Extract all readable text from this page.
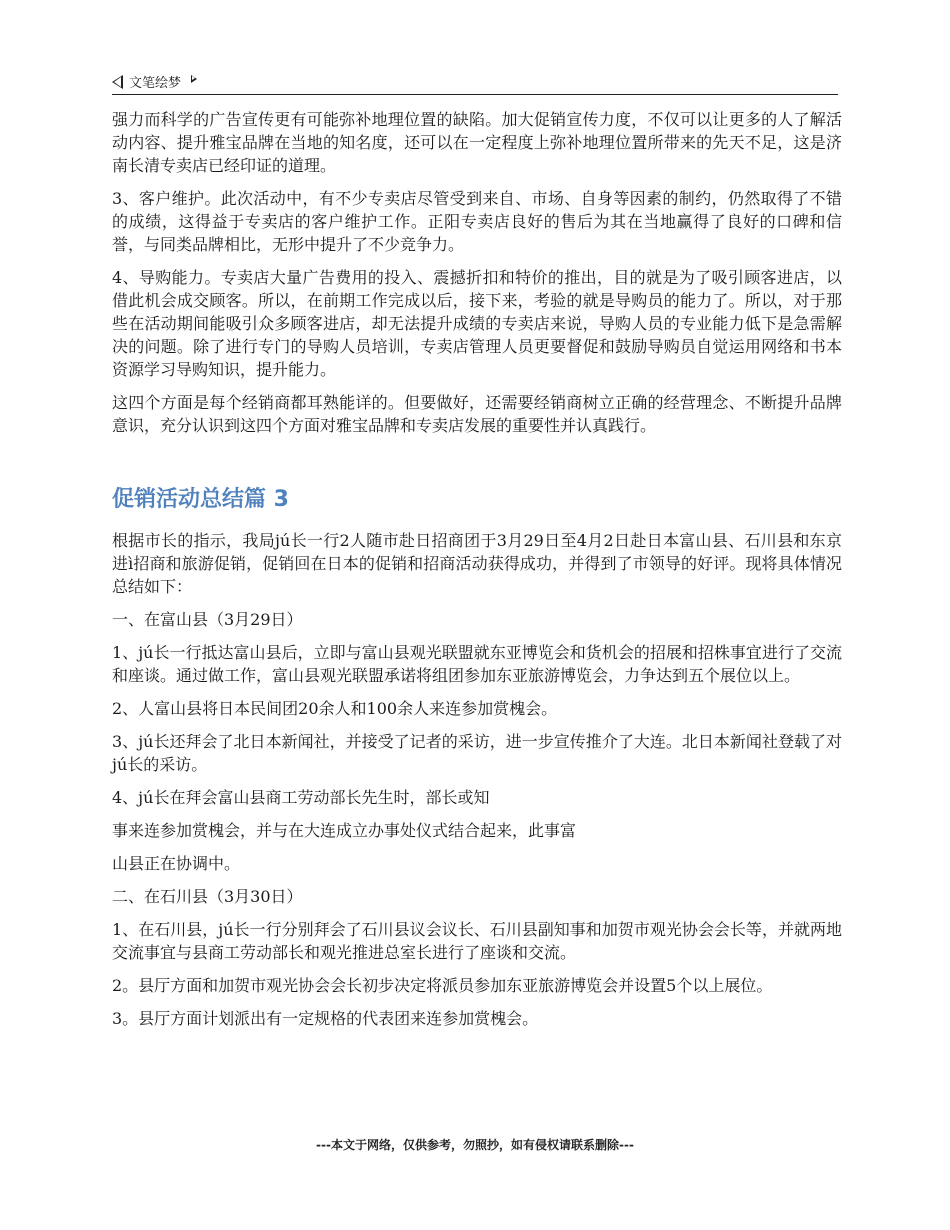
文笔绘梦

强力而科学的广告宣传更有可能弥补地理位置的缺陷。加大促销宣传力度，不仅可以让更多的人了解活动内容、提升雅宝品牌在当地的知名度，还可以在一定程度上弥补地理位置所带来的先天不足，这是济南长清专卖店已经印证的道理。

3、客户维护。此次活动中，有不少专卖店尽管受到来自、市场、自身等因素的制约，仍然取得了不错的成绩，这得益于专卖店的客户维护工作。正阳专卖店良好的售后为其在当地赢得了良好的口碑和信誉，与同类品牌相比，无形中提升了不少竞争力。

4、导购能力。专卖店大量广告费用的投入、震撼折扣和特价的推出，目的就是为了吸引顾客进店，以借此机会成交顾客。所以，在前期工作完成以后，接下来，考验的就是导购员的能力了。所以，对于那些在活动期间能吸引众多顾客进店，却无法提升成绩的专卖店来说，导购人员的专业能力低下是急需解决的问题。除了进行专门的导购人员培训，专卖店管理人员更要督促和鼓励导购员自觉运用网络和书本资源学习导购知识，提升能力。

这四个方面是每个经销商都耳熟能详的。但要做好，还需要经销商树立正确的经营理念、不断提升品牌意识，充分认识到这四个方面对雅宝品牌和专卖店发展的重要性并认真践行。

促销活动总结篇 3

根据市长的指示，我局jú长一行2人随市赴日招商团于3月29日至4月2日赴日本富山县、石川县和东京进ì招商和旅游促销，促销回在日本的促销和招商活动获得成功，并得到了市领导的好评。现将具体情况总结如下：

一、在富山县（3月29日）

1、jú长一行抵达富山县后，立即与富山县观光联盟就东亚博览会和货机会的招展和招株事宜进行了交流和座谈。通过做工作，富山县观光联盟承诺将组团参加东亚旅游博览会，力争达到五个展位以上。

2、人富山县将日本民间团20余人和100余人来连参加赏槐会。

3、jú长还拜会了北日本新闻社，并接受了记者的采访，进一步宣传推介了大连。北日本新闻社登载了对jú长的采访。

4、jú长在拜会富山县商工劳动部长先生时，部长或知

事来连参加赏槐会，并与在大连成立办事处仪式结合起来，此事富

山县正在协调中。

二、在石川县（3月30日）

1、在石川县，jú长一行分别拜会了石川县议会议长、石川县副知事和加贺市观光协会会长等，并就两地交流事宜与县商工劳动部长和观光推进总室长进行了座谈和交流。

2。县厅方面和加贺市观光协会会长初步决定将派员参加东亚旅游博览会并设置5个以上展位。

3。县厅方面计划派出有一定规格的代表团来连参加赏槐会。

---本文于网络，仅供参考，勿照抄，如有侵权请联系删除---
